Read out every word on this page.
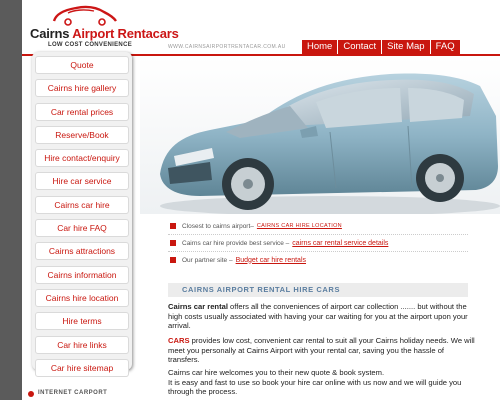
Cairns Airport Rentacars
LOW COST CONVENIENCE	WWW.CAIRNSAIRPORTRENTACAR.COM.AU	Home	Contact	Site Map	FAQ
Quote
Cairns hire gallery
Car rental prices
Reserve/Book
Hire contact/enquiry
Hire car service
Cairns car hire
Car hire FAQ
Cairns attractions
Cairns information
Cairns hire location
Hire terms
Car hire links
Car hire sitemap
INTERNET CARPORT
Closest to cairns airport– CAIRNS CAR HIRE LOCATION
Cairns car hire provide best service – cairns car rental service details
Our partner site – Budget car hire rentals
CAIRNS AIRPORT RENTAL HIRE CARS
Cairns car rental offers all the conveniences of airport car collection ....... but without the high costs usually associated with having your car waiting for you at the airport upon your arrival.
CARS provides low cost, convenient car rental to suit all your Cairns holiday needs. We will meet you personally at Cairns Airport with your rental car, saving you the hassle of transfers.
Cairns car hire welcomes you to their new quote & book system.
It is easy and fast to use so book your hire car online with us now and we will guide you through the process.
